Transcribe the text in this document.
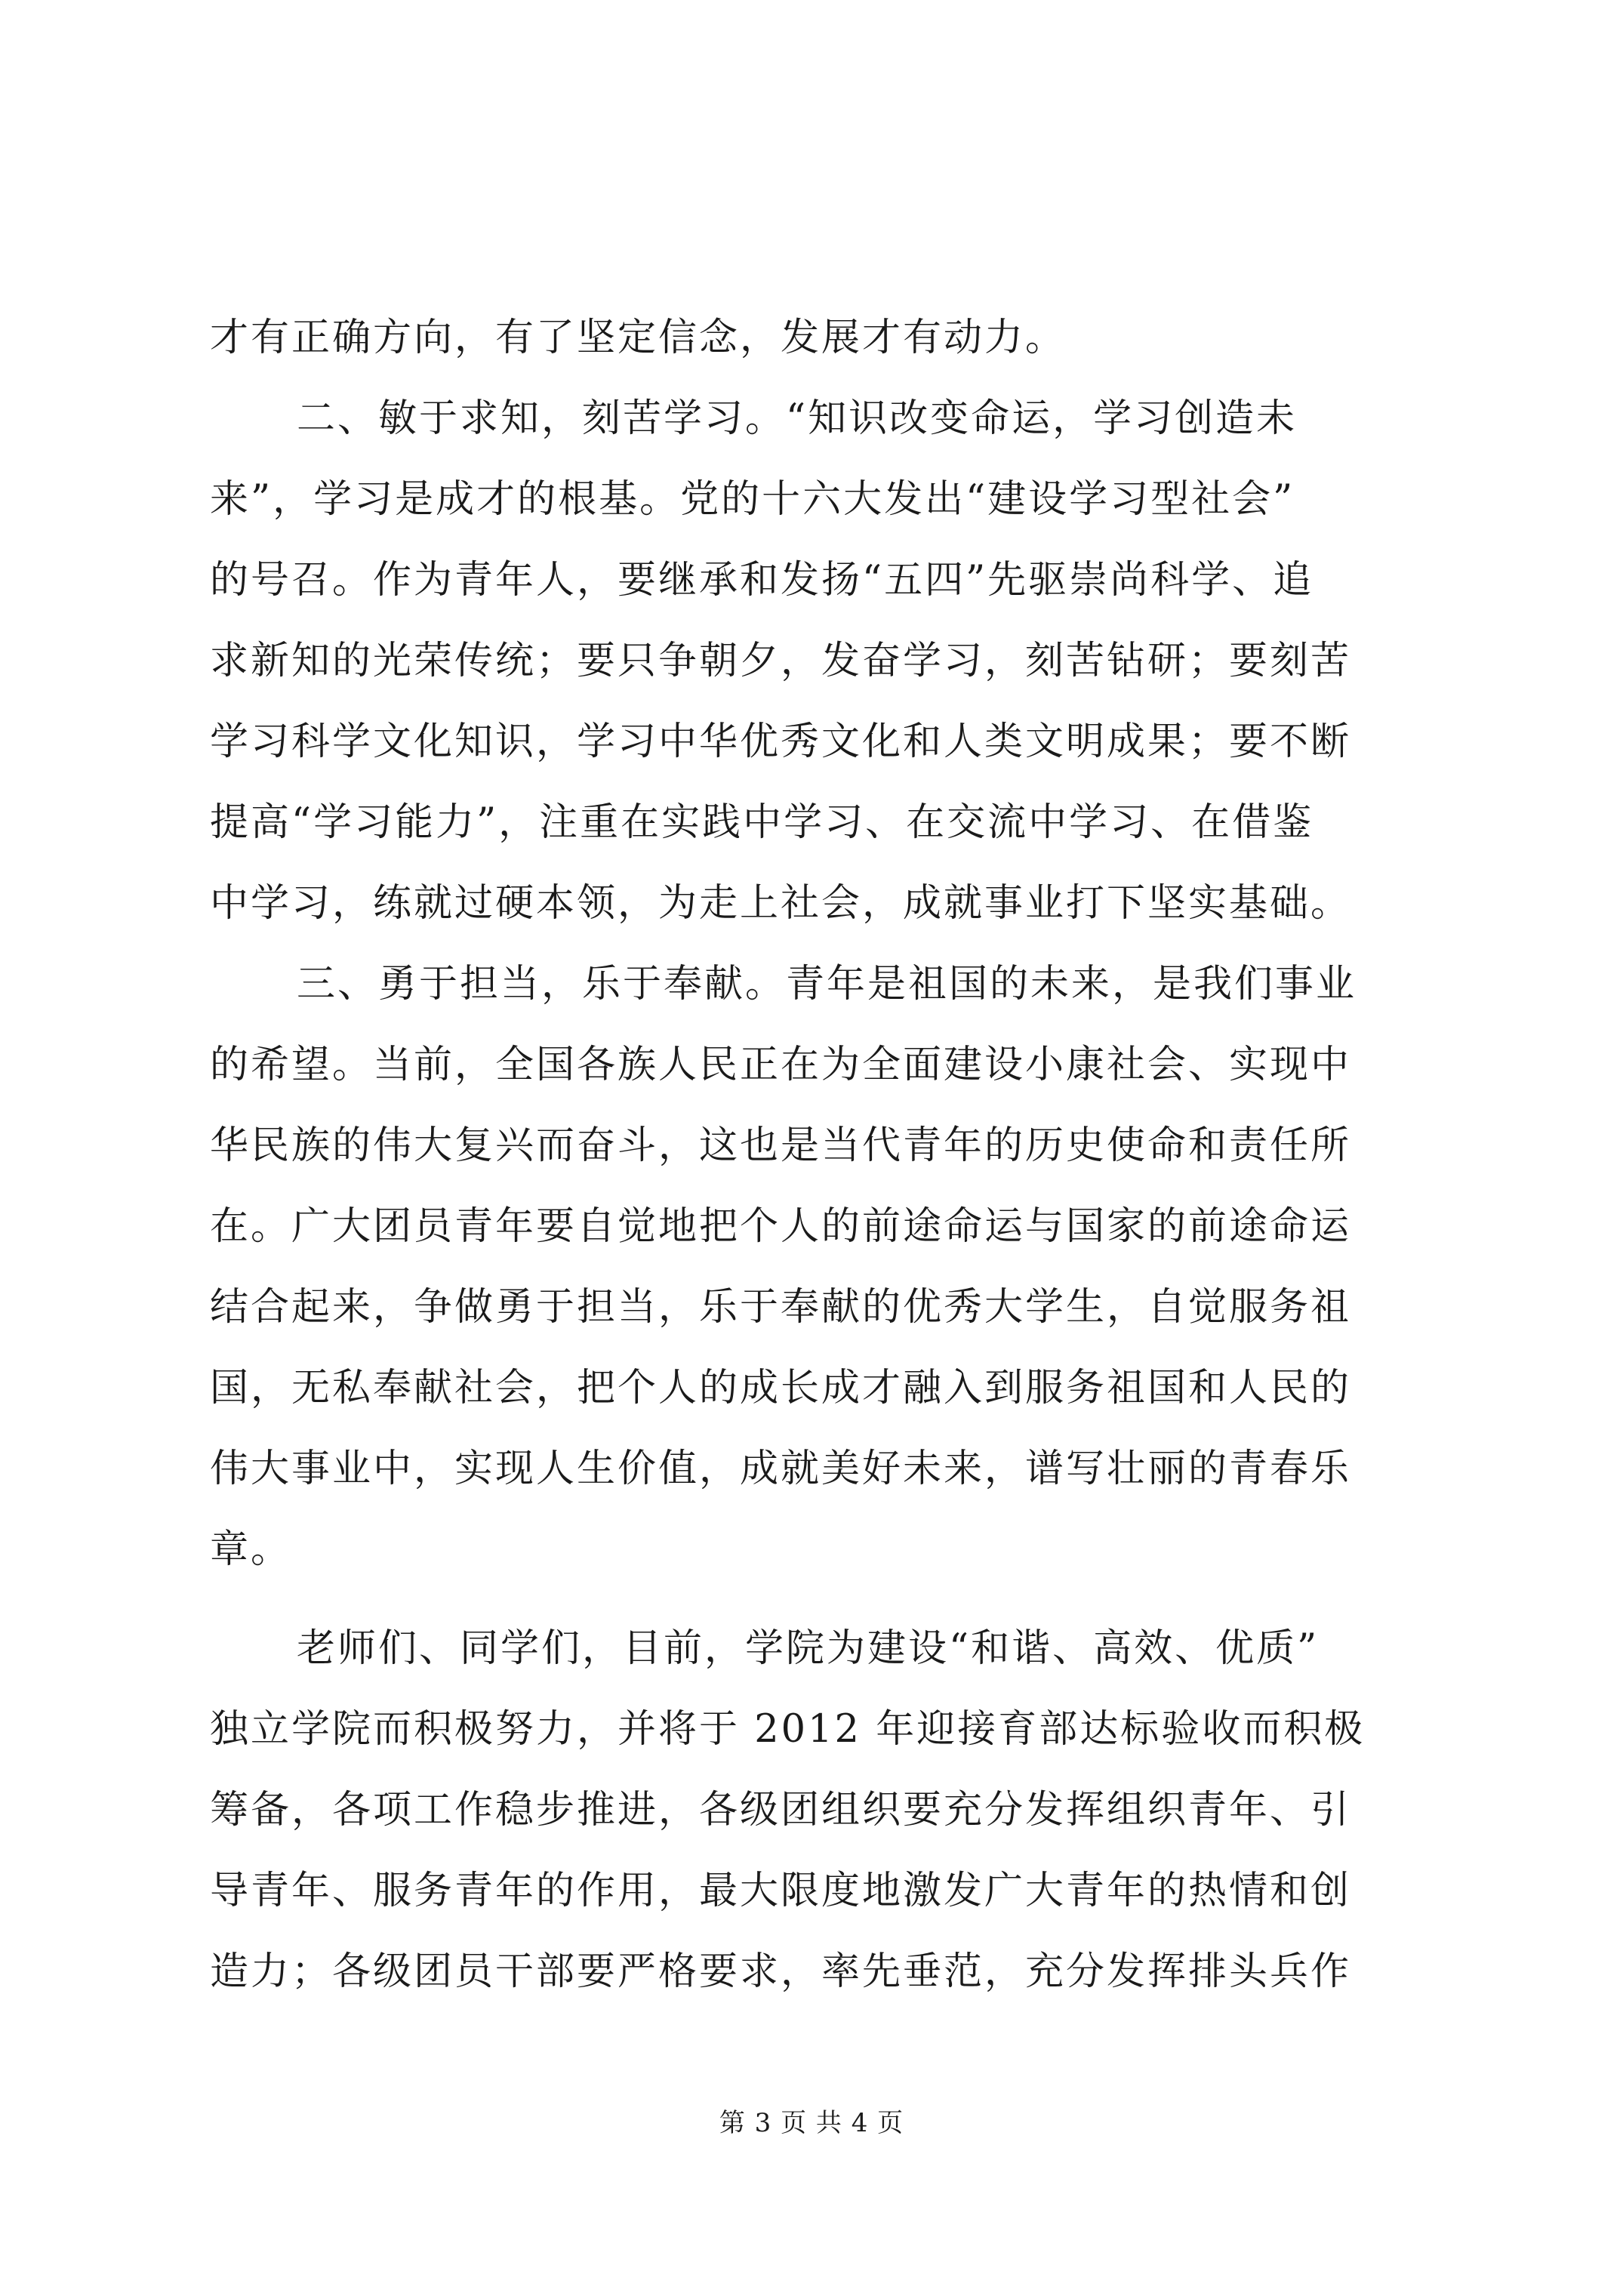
才有正确方向，有了坚定信念，发展才有动力。
二、敏于求知，刻苦学习。“知识改变命运，学习创造未
来”，学习是成才的根基。党的十六大发出“建设学习型社会”
的号召。作为青年人，要继承和发扬“五四”先驱崇尚科学、追
求新知的光荣传统；要只争朝夕，发奋学习，刻苦钻研；要刻苦
学习科学文化知识，学习中华优秀文化和人类文明成果；要不断
提高“学习能力”，注重在实践中学习、在交流中学习、在借鉴
中学习，练就过硬本领，为走上社会，成就事业打下坚实基础。
三、勇于担当，乐于奉献。青年是祖国的未来，是我们事业
的希望。当前，全国各族人民正在为全面建设小康社会、实现中
华民族的伟大复兴而奋斗，这也是当代青年的历史使命和责任所
在。广大团员青年要自觉地把个人的前途命运与国家的前途命运
结合起来，争做勇于担当，乐于奉献的优秀大学生，自觉服务祖
国，无私奉献社会，把个人的成长成才融入到服务祖国和人民的
伟大事业中，实现人生价值，成就美好未来，谱写壮丽的青春乐
章。
老师们、同学们，目前，学院为建设“和谐、高效、优质”
独立学院而积极努力，并将于 2012 年迎接育部达标验收而积极
筹备，各项工作稳步推进，各级团组织要充分发挥组织青年、引
导青年、服务青年的作用，最大限度地激发广大青年的热情和创
造力；各级团员干部要严格要求，率先垂范，充分发挥排头兵作
第 3 页 共 4 页
